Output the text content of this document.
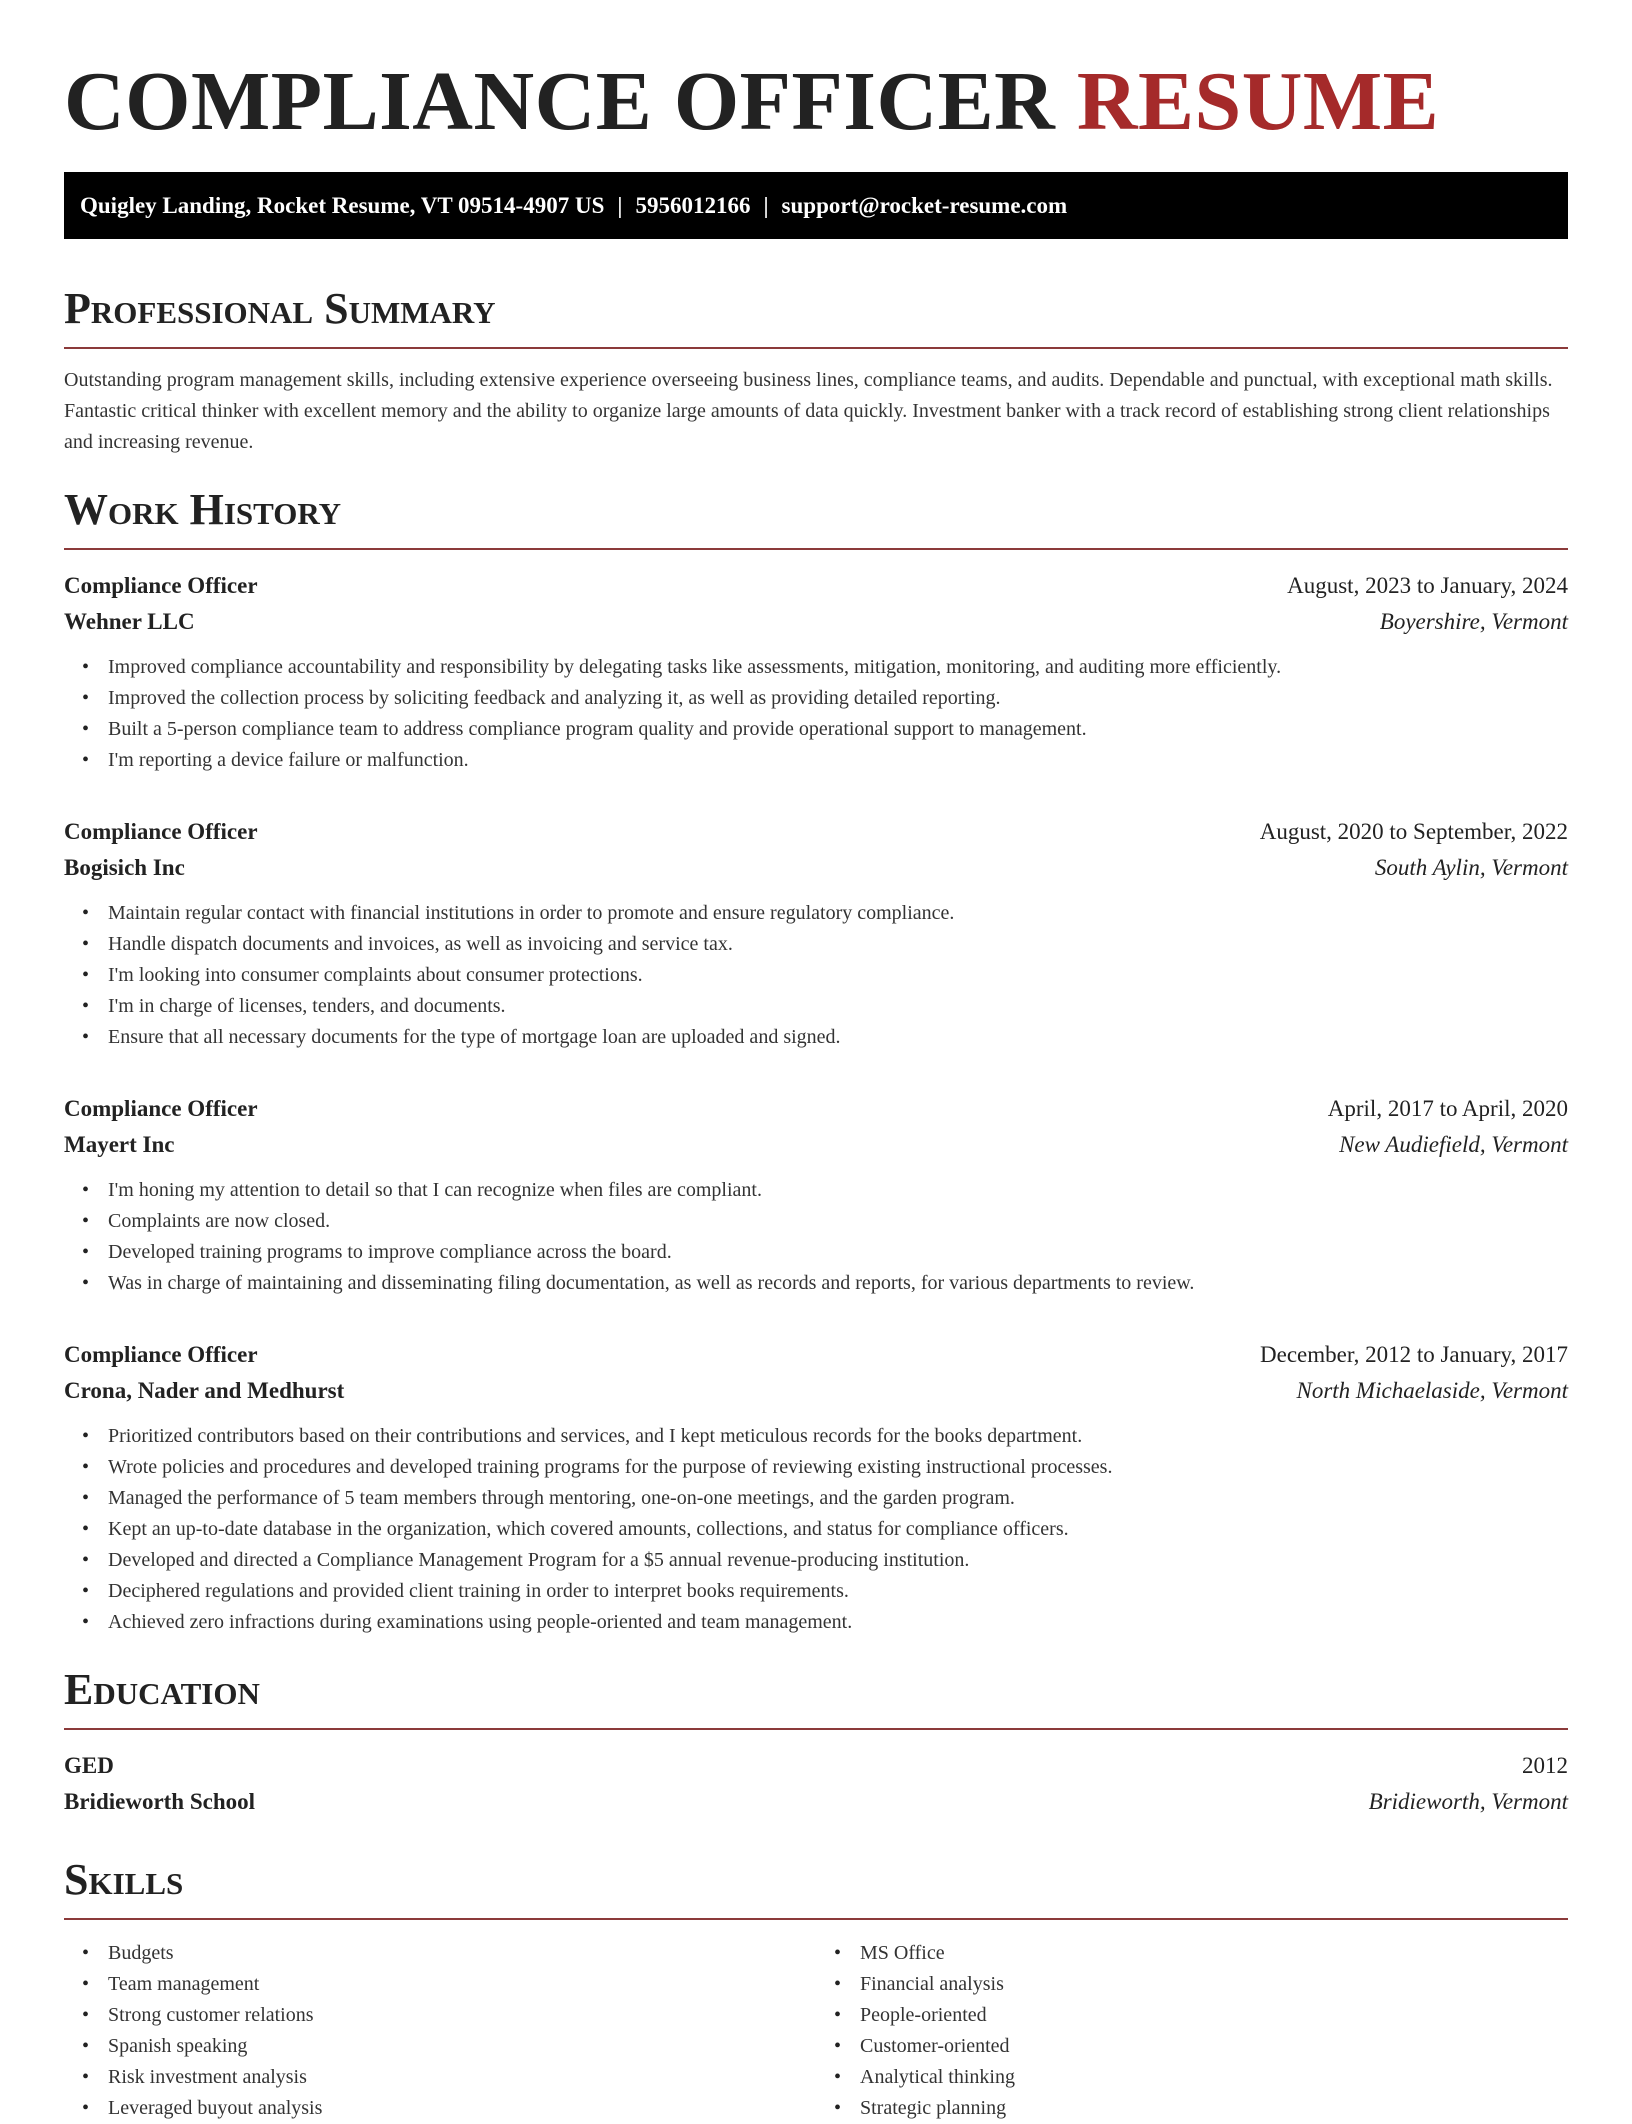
COMPLIANCE OFFICER RESUME
Quigley Landing, Rocket Resume, VT 09514-4907 US | 5956012166 | support@rocket-resume.com
Professional Summary

Outstanding program management skills, including extensive experience overseeing business lines, compliance teams, and audits. Dependable and punctual, with exceptional math skills. Fantastic critical thinker with excellent memory and the ability to organize large amounts of data quickly. Investment banker with a track record of establishing strong client relationships and increasing revenue.

Work History
Compliance Officer	August, 2023 to January, 2024
Wehner LLC	Boyershire, Vermont
• Improved compliance accountability and responsibility by delegating tasks like assessments, mitigation, monitoring, and auditing more efficiently.
• Improved the collection process by soliciting feedback and analyzing it, as well as providing detailed reporting.
• Built a 5-person compliance team to address compliance program quality and provide operational support to management.
• I'm reporting a device failure or malfunction.
Compliance Officer	August, 2020 to September, 2022
Bogisich Inc	South Aylin, Vermont
• Maintain regular contact with financial institutions in order to promote and ensure regulatory compliance.
• Handle dispatch documents and invoices, as well as invoicing and service tax.
• I'm looking into consumer complaints about consumer protections.
• I'm in charge of licenses, tenders, and documents.
• Ensure that all necessary documents for the type of mortgage loan are uploaded and signed.
Compliance Officer	April, 2017 to April, 2020
Mayert Inc	New Audiefield, Vermont
• I'm honing my attention to detail so that I can recognize when files are compliant.
• Complaints are now closed.
• Developed training programs to improve compliance across the board.
• Was in charge of maintaining and disseminating filing documentation, as well as records and reports, for various departments to review.
Compliance Officer	December, 2012 to January, 2017
Crona, Nader and Medhurst	North Michaelaside, Vermont
• Prioritized contributors based on their contributions and services, and I kept meticulous records for the books department.
• Wrote policies and procedures and developed training programs for the purpose of reviewing existing instructional processes.
• Managed the performance of 5 team members through mentoring, one-on-one meetings, and the garden program.
• Kept an up-to-date database in the organization, which covered amounts, collections, and status for compliance officers.
• Developed and directed a Compliance Management Program for a $5 annual revenue-producing institution.
• Deciphered regulations and provided client training in order to interpret books requirements.
• Achieved zero infractions during examinations using people-oriented and team management.
Education
GED	2012
Bridieworth School	Bridieworth, Vermont
Skills
• Budgets
• Team management
• Strong customer relations
• Spanish speaking
• Risk investment analysis
• Leveraged buyout analysis
• MS Office
• Financial analysis
• People-oriented
• Customer-oriented
• Analytical thinking
• Strategic planning
